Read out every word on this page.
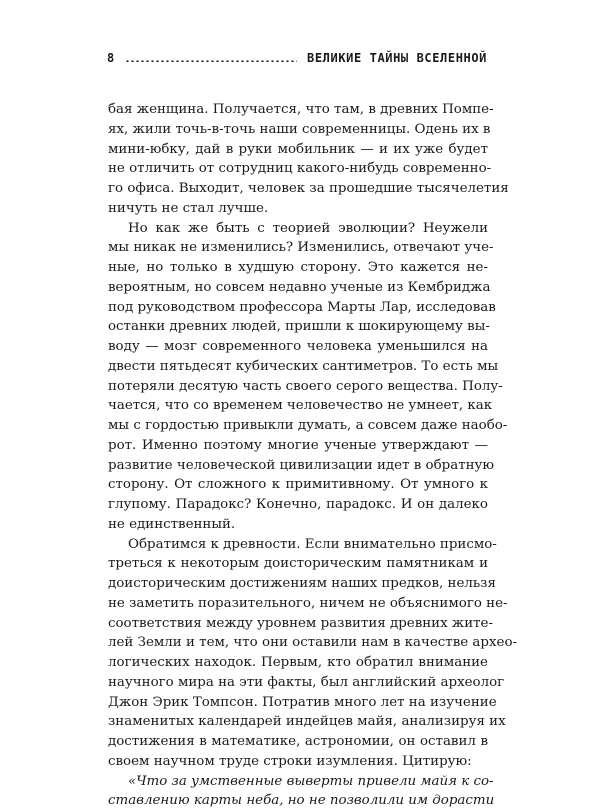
8	ВЕЛИКИЕ ТАЙНЫ ВСЕЛЕННОЙ
бая женщина. Получается, что там, в древних Помпе-
ях, жили точь-в-точь наши современницы. Одень их в
мини-юбку, дай в руки мобильник — и их уже будет
не отличить от сотрудниц какого-нибудь современно-
го офиса. Выходит, человек за прошедшие тысячелетия
ничуть не стал лучше.
Но как же быть с теорией эволюции? Неужели
мы никак не изменились? Изменились, отвечают уче-
ные, но только в худшую сторону. Это кажется не-
вероятным, но совсем недавно ученые из Кембриджа
под руководством профессора Марты Лар, исследовав
останки древних людей, пришли к шокирующему вы-
воду — мозг современного человека уменьшился на
двести пятьдесят кубических сантиметров. То есть мы
потеряли десятую часть своего серого вещества. Полу-
чается, что со временем человечество не умнеет, как
мы с гордостью привыкли думать, а совсем даже наобо-
рот. Именно поэтому многие ученые утверждают —
развитие человеческой цивилизации идет в обратную
сторону. От сложного к примитивному. От умного к
глупому. Парадокс? Конечно, парадокс. И он далеко
не единственный.
Обратимся к древности. Если внимательно присмо-
треться к некоторым доисторическим памятникам и
доисторическим достижениям наших предков, нельзя
не заметить поразительного, ничем не объяснимого не-
соответствия между уровнем развития древних жите-
лей Земли и тем, что они оставили нам в качестве архео-
логических находок. Первым, кто обратил внимание
научного мира на эти факты, был английский археолог
Джон Эрик Томпсон. Потратив много лет на изучение
знаменитых календарей индейцев майя, анализируя их
достижения в математике, астрономии, он оставил в
своем научном труде строки изумления. Цитирую:
«Что за умственные выверты привели майя к со-
ставлению карты неба, но не позволили им дорасти
